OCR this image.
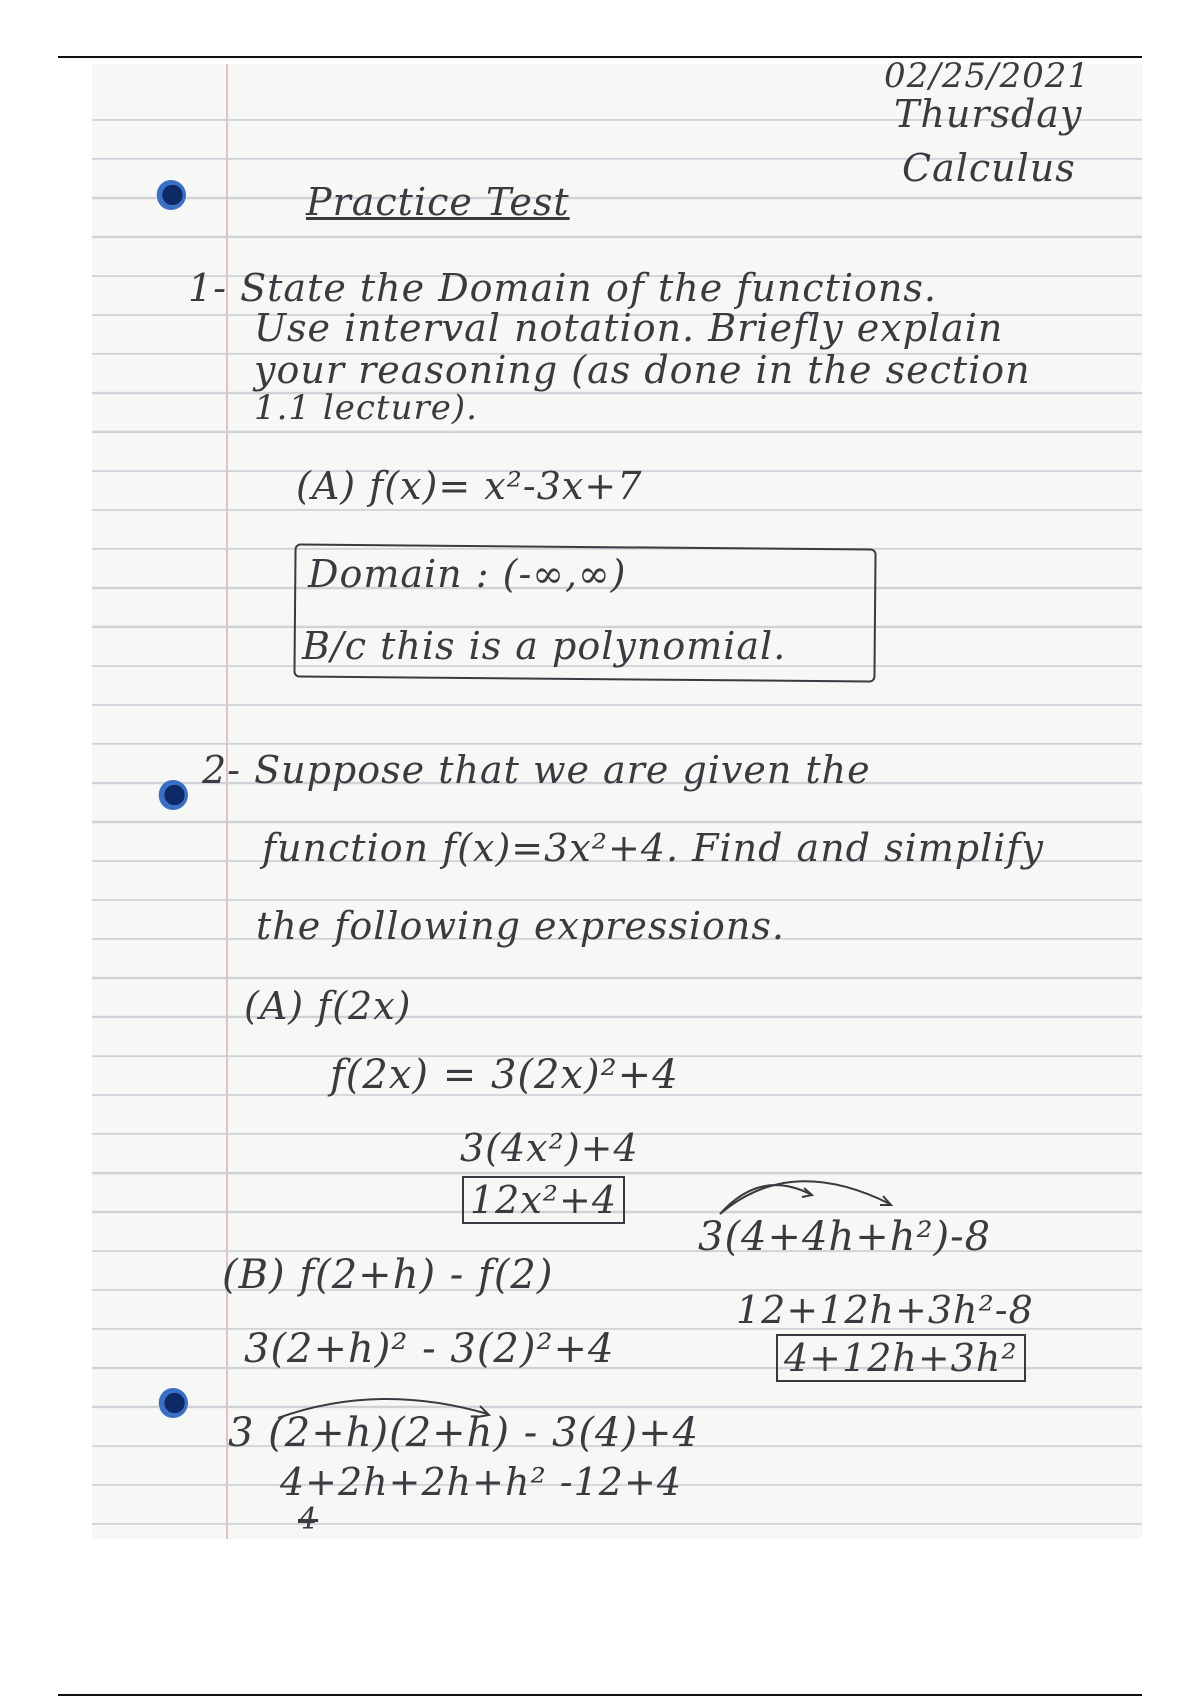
02/25/2021
Thursday
Calculus
Practice Test
1- State the Domain of the functions.
Use interval notation. Briefly explain
your reasoning (as done in the section
1.1 lecture).
(A) f(x)= x²-3x+7
Domain : (-∞,∞)
B/c this is a polynomial.
2- Suppose that we are given the
function f(x)=3x²+4. Find and simplify
the following expressions.
(A) f(2x)
f(2x) = 3(2x)²+4
3(4x²)+4
12x²+4
(B) f(2+h) - f(2)
3(2+h)² - 3(2)²+4
3 (2+h)(2+h) - 3(4)+4
4+2h+2h+h² -12+4
4
3(4+4h+h²)-8
12+12h+3h²-8
4+12h+3h²
